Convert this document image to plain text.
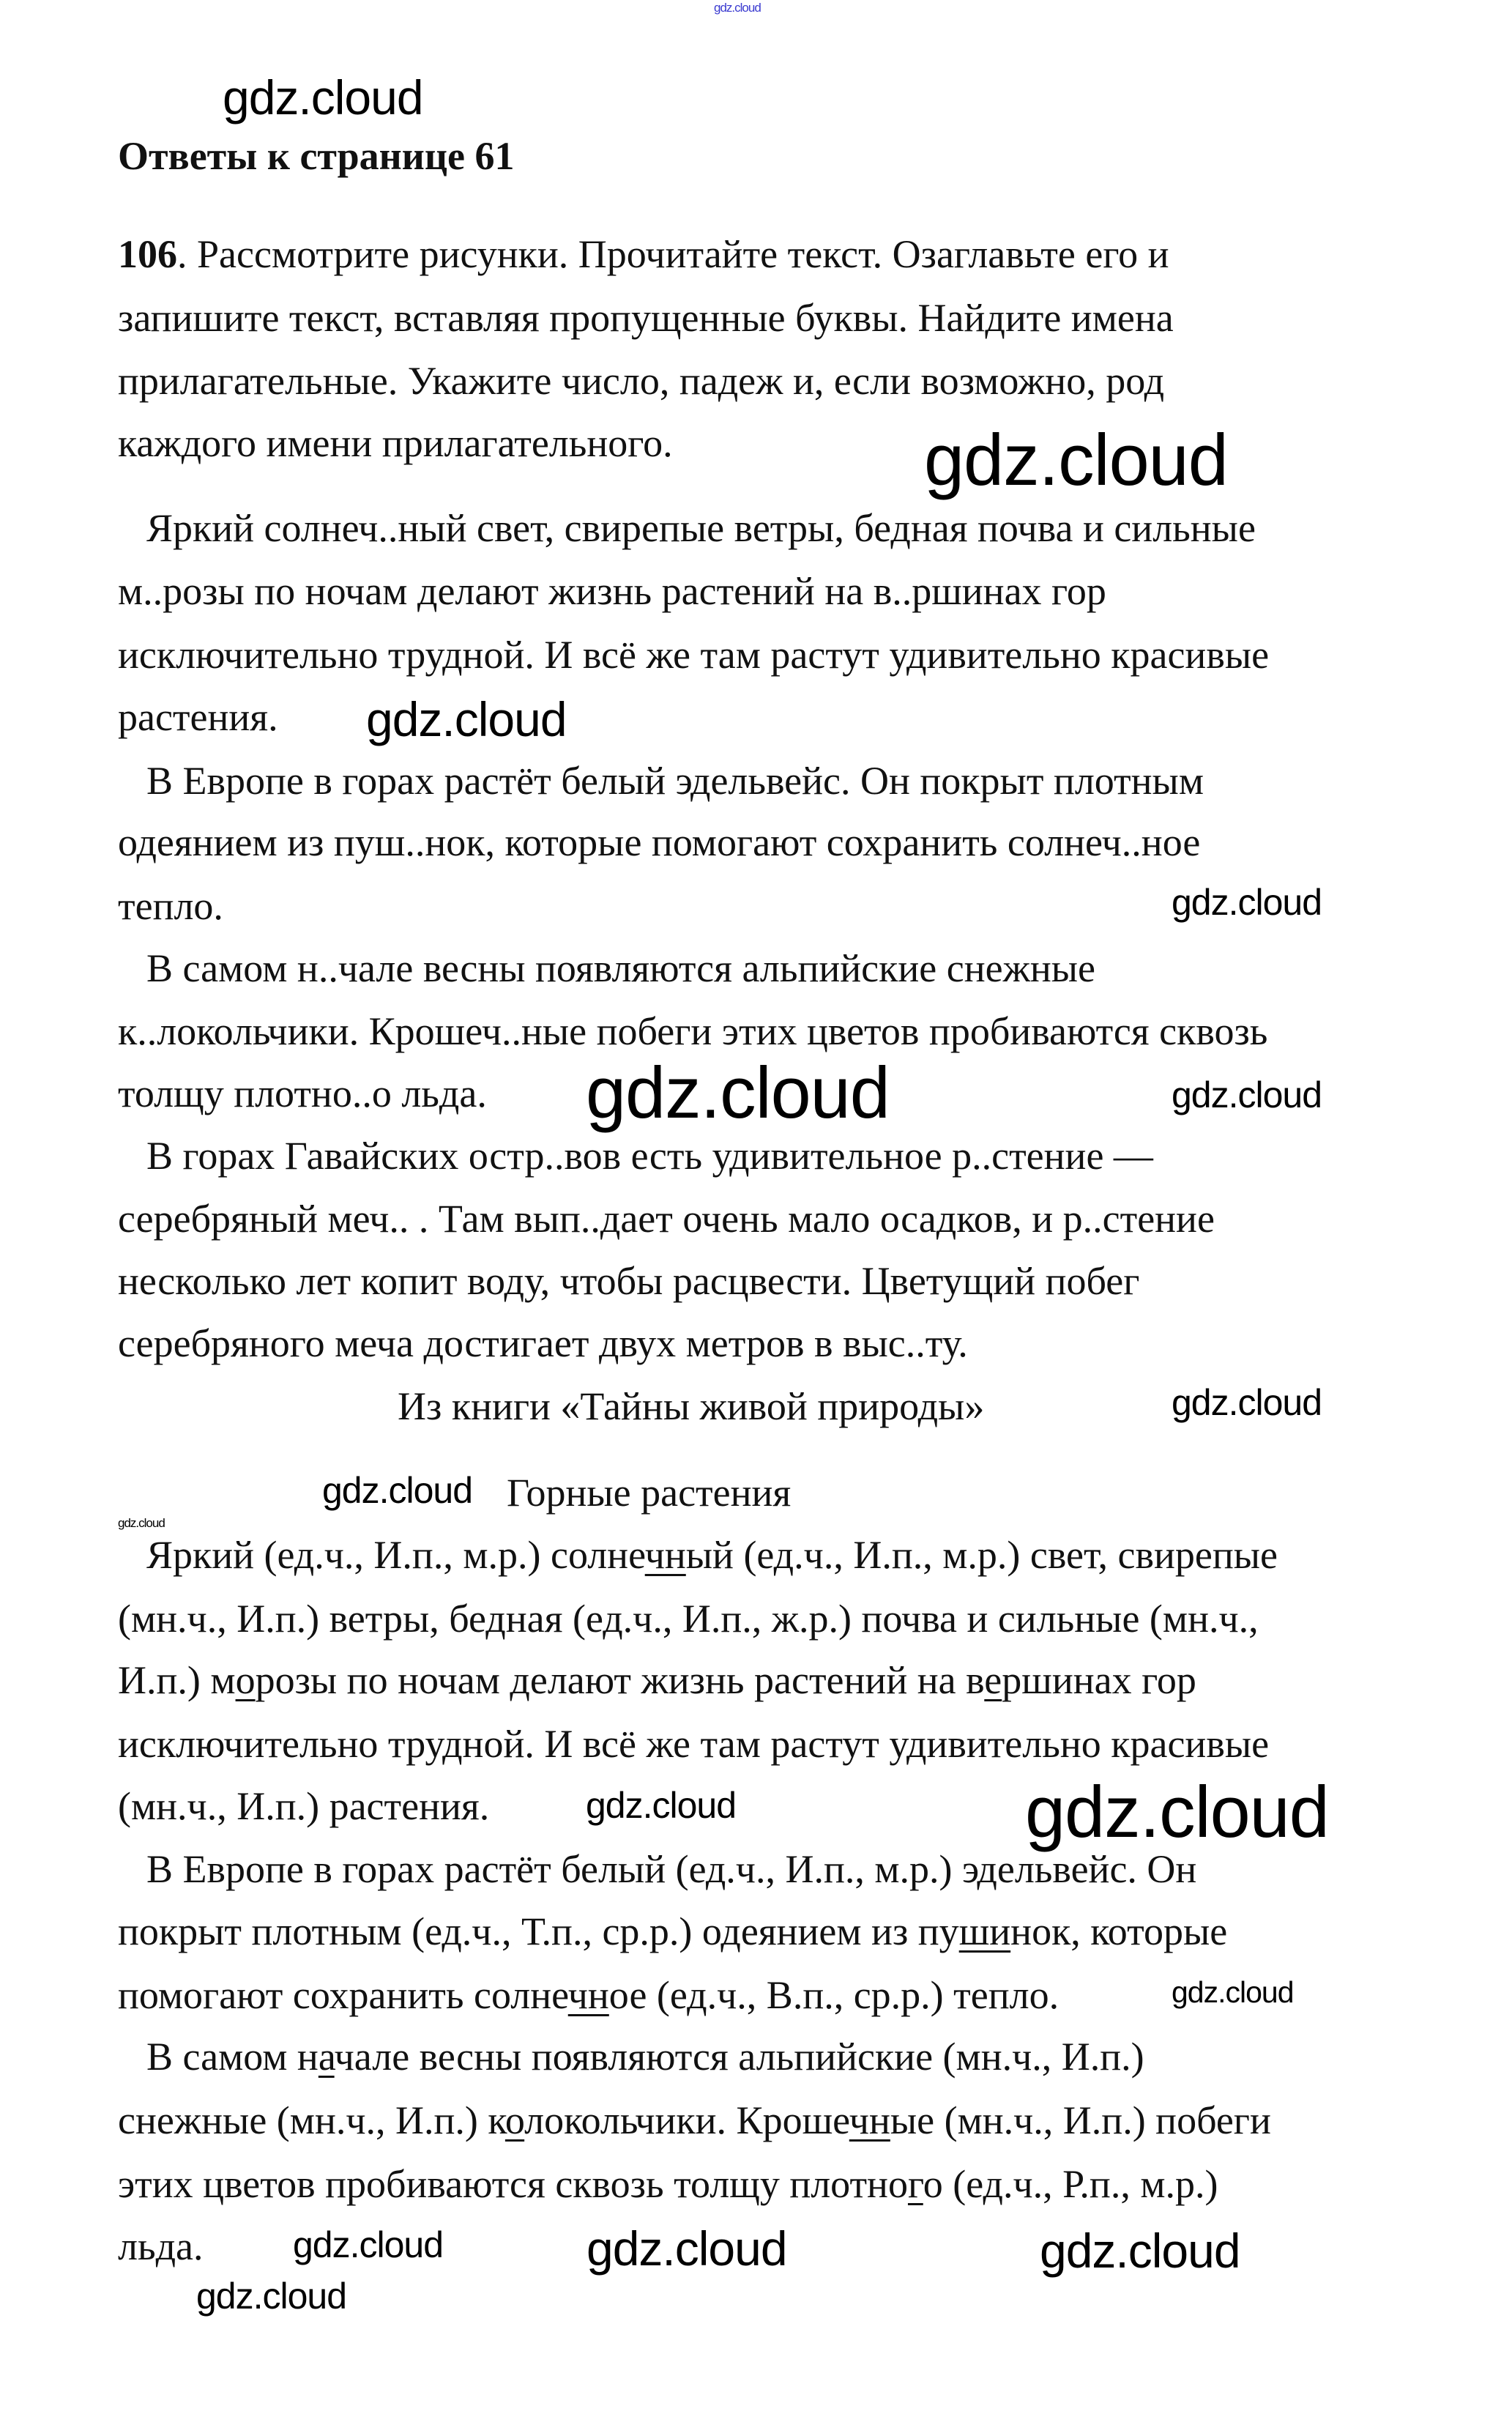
Ответы к странице 61
106. Рассмотрите рисунки. Прочитайте текст. Озаглавьте его и
запишите текст, вставляя пропущенные буквы. Найдите имена
прилагательные. Укажите число, падеж и, если возможно, род
каждого имени прилагательного.
Яркий солнеч..ный свет, свирепые ветры, бедная почва и сильные
м..розы по ночам делают жизнь растений на в..ршинах гор
исключительно трудной. И всё же там растут удивительно красивые
растения.
В Европе в горах растёт белый эдельвейс. Он покрыт плотным
одеянием из пуш..нок, которые помогают сохранить солнеч..ное
тепло.
В самом н..чале весны появляются альпийские снежные
к..локольчики. Крошеч..ные побеги этих цветов пробиваются сквозь
толщу плотно..о льда.
В горах Гавайских остр..вов есть удивительное р..стение —
серебряный меч.. . Там вып..дает очень мало осадков, и р..стение
несколько лет копит воду, чтобы расцвести. Цветущий побег
серебряного меча достигает двух метров в выс..ту.
Из книги «Тайны живой природы»
Горные растения
Яркий (ед.ч., И.п., м.р.) солнечный (ед.ч., И.п., м.р.) свет, свирепые
(мн.ч., И.п.) ветры, бедная (ед.ч., И.п., ж.р.) почва и сильные (мн.ч.,
И.п.) морозы по ночам делают жизнь растений на вершинах гор
исключительно трудной. И всё же там растут удивительно красивые
(мн.ч., И.п.) растения.
В Европе в горах растёт белый (ед.ч., И.п., м.р.) эдельвейс. Он
покрыт плотным (ед.ч., Т.п., ср.р.) одеянием из пушинок, которые
помогают сохранить солнечное (ед.ч., В.п., ср.р.) тепло.
В самом начале весны появляются альпийские (мн.ч., И.п.)
снежные (мн.ч., И.п.) колокольчики. Крошечные (мн.ч., И.п.) побеги
этих цветов пробиваются сквозь толщу плотного (ед.ч., Р.п., м.р.)
льда.
gdz.cloud
gdz.cloud
gdz.cloud
gdz.cloud
gdz.cloud
gdz.cloud	gdz.cloud
gdz.cloud
gdz.cloud
gdz.cloud
gdz.cloud
gdz.cloud	gdz.cloud
gdz.cloud
gdz.cloud	gdz.cloud	gdz.cloud
